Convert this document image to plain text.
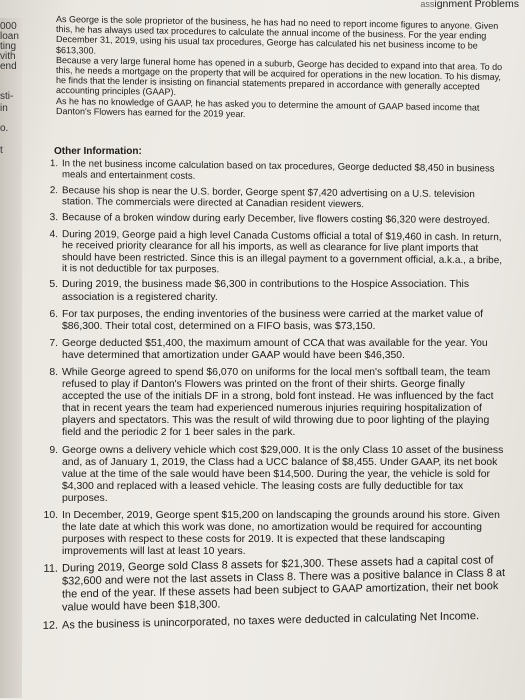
000
loan
ting
vith
end
sti-
in
o.
t
assignment Problems

As George is the sole proprietor of the business, he has had no need to report income figures to anyone. Given this, he has always used tax procedures to calculate the annual income of the business. For the year ending December 31, 2019, using his usual tax procedures, George has calculated his net business income to be $613,300.

Because a very large funeral home has opened in a suburb, George has decided to expand into that area. To do this, he needs a mortgage on the property that will be acquired for operations in the new location. To his dismay, he finds that the lender is insisting on financial statements prepared in accordance with generally accepted accounting principles (GAAP).

As he has no knowledge of GAAP, he has asked you to determine the amount of GAAP based income that Danton's Flowers has earned for the 2019 year.

Other Information:
1. In the net business income calculation based on tax procedures, George deducted $8,450 in business meals and entertainment costs.
2. Because his shop is near the U.S. border, George spent $7,420 advertising on a U.S. television station. The commercials were directed at Canadian resident viewers.
3. Because of a broken window during early December, live flowers costing $6,320 were destroyed.
4. During 2019, George paid a high level Canada Customs official a total of $19,460 in cash. In return, he received priority clearance for all his imports, as well as clearance for live plant imports that should have been restricted. Since this is an illegal payment to a government official, a.k.a., a bribe, it is not deductible for tax purposes.
5. During 2019, the business made $6,300 in contributions to the Hospice Association. This association is a registered charity.
6. For tax purposes, the ending inventories of the business were carried at the market value of $86,300. Their total cost, determined on a FIFO basis, was $73,150.
7. George deducted $51,400, the maximum amount of CCA that was available for the year. You have determined that amortization under GAAP would have been $46,350.
8. While George agreed to spend $6,070 on uniforms for the local men's softball team, the team refused to play if Danton's Flowers was printed on the front of their shirts. George finally accepted the use of the initials DF in a strong, bold font instead. He was influenced by the fact that in recent years the team had experienced numerous injuries requiring hospitalization of players and spectators. This was the result of wild throwing due to poor lighting of the playing field and the periodic 2 for 1 beer sales in the park.
9. George owns a delivery vehicle which cost $29,000. It is the only Class 10 asset of the business and, as of January 1, 2019, the Class had a UCC balance of $8,455. Under GAAP, its net book value at the time of the sale would have been $14,500. During the year, the vehicle is sold for $4,300 and replaced with a leased vehicle. The leasing costs are fully deductible for tax purposes.
10. In December, 2019, George spent $15,200 on landscaping the grounds around his store. Given the late date at which this work was done, no amortization would be required for accounting purposes with respect to these costs for 2019. It is expected that these landscaping improvements will last at least 10 years.
11. During 2019, George sold Class 8 assets for $21,300. These assets had a capital cost of $32,600 and were not the last assets in Class 8. There was a positive balance in Class 8 at the end of the year. If these assets had been subject to GAAP amortization, their net book value would have been $18,300.
12. As the business is unincorporated, no taxes were deducted in calculating Net Income.
